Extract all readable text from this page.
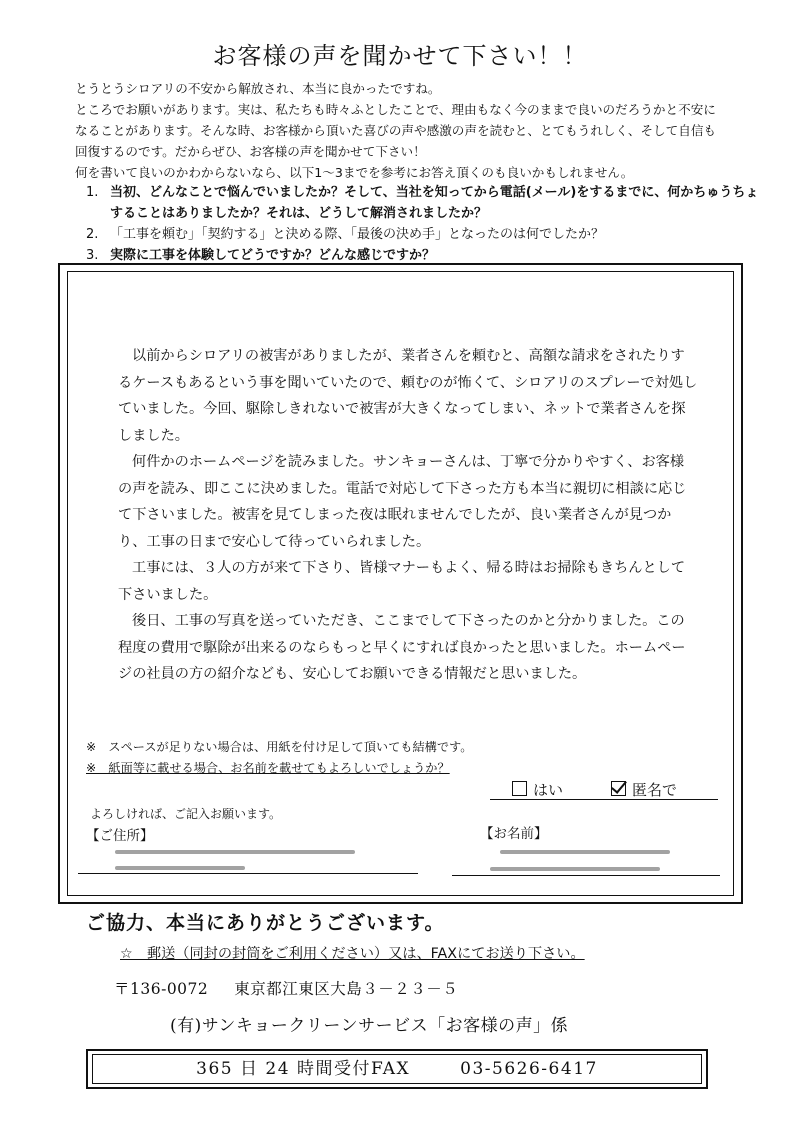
お客様の声を聞かせて下さい！！

とうとうシロアリの不安から解放され、本当に良かったですね。

ところでお願いがあります。実は、私たちも時々ふとしたことで、理由もなく今のままで良いのだろうかと不安に

なることがあります。そんな時、お客様から頂いた喜びの声や感激の声を読むと、とてもうれしく、そして自信も

回復するのです。だからぜひ、お客様の声を聞かせて下さい！

何を書いて良いのかわからないなら、以下1～3までを参考にお答え頂くのも良いかもしれません。

1. 当初、どんなことで悩んでいましたか？そして、当社を知ってから電話(メール)をするまでに、何かちゅうちょすることはありましたか？それは、どうして解消されましたか？
2. 「工事を頼む」「契約する」と決める際、「最後の決め手」となったのは何でしたか？
3. 実際に工事を体験してどうですか？どんな感じですか？

以前からシロアリの被害がありましたが、業者さんを頼むと、高額な請求をされたりするケースもあるという事を聞いていたので、頼むのが怖くて、シロアリのスプレーで対処していました。今回、駆除しきれないで被害が大きくなってしまい、ネットで業者さんを探しました。

何件かのホームページを読みました。サンキョーさんは、丁寧で分かりやすく、お客様の声を読み、即ここに決めました。電話で対応して下さった方も本当に親切に相談に応じて下さいました。被害を見てしまった夜は眠れませんでしたが、良い業者さんが見つかり、工事の日まで安心して待っていられました。

工事には、３人の方が来て下さり、皆様マナーもよく、帰る時はお掃除もきちんとして下さいました。

後日、工事の写真を送っていただき、ここまでして下さったのかと分かりました。この程度の費用で駆除が出来るのならもっと早くにすれば良かったと思いました。ホームページの社員の方の紹介なども、安心してお願いできる情報だと思いました。

※　スペースが足りない場合は、用紙を付け足して頂いても結構です。
※　紙面等に載せる場合、お名前を載せてもよろしいでしょうか？
はい	匿名で
よろしければ、ご記入お願います。
【ご住所】	【お名前】
ご協力、本当にありがとうございます。
☆　郵送（同封の封筒をご利用ください）又は、FAXにてお送り下さい。
〒136-0072 東京都江東区大島３－２３－５
(有)サンキョークリーンサービス「お客様の声」係
365 日 24 時間受付FAX	03-5626-6417
